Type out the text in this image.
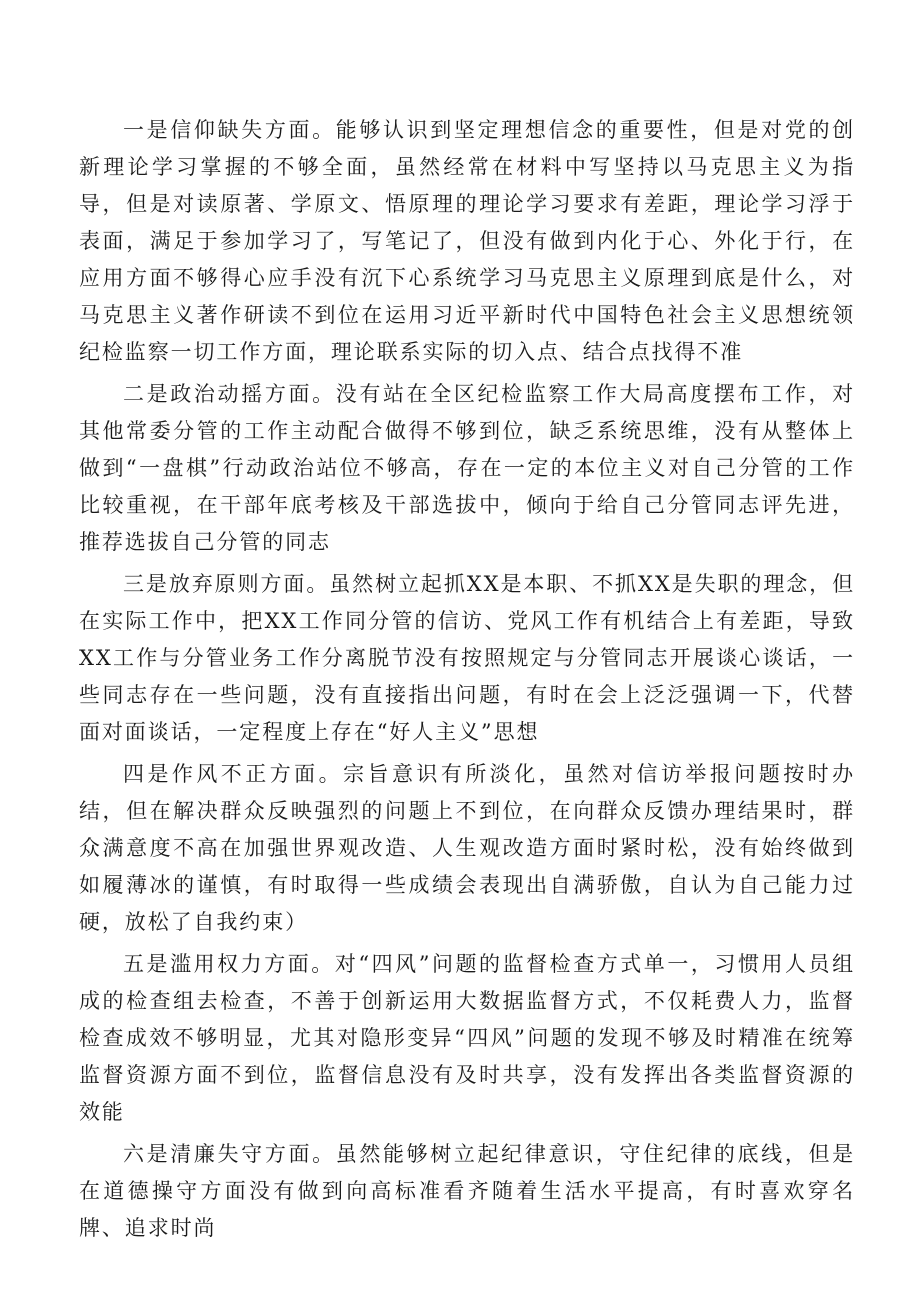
一是信仰缺失方面。能够认识到坚定理想信念的重要性，但是对党的创新理论学习掌握的不够全面，虽然经常在材料中写坚持以马克思主义为指导，但是对读原著、学原文、悟原理的理论学习要求有差距，理论学习浮于表面，满足于参加学习了，写笔记了，但没有做到内化于心、外化于行，在应用方面不够得心应手没有沉下心系统学习马克思主义原理到底是什么，对马克思主义著作研读不到位在运用习近平新时代中国特色社会主义思想统领纪检监察一切工作方面，理论联系实际的切入点、结合点找得不准

二是政治动摇方面。没有站在全区纪检监察工作大局高度摆布工作，对其他常委分管的工作主动配合做得不够到位，缺乏系统思维，没有从整体上做到“一盘棋”行动政治站位不够高，存在一定的本位主义对自己分管的工作比较重视，在干部年底考核及干部选拔中，倾向于给自己分管同志评先进，推荐选拔自己分管的同志

三是放弃原则方面。虽然树立起抓XX是本职、不抓XX是失职的理念，但在实际工作中，把XX工作同分管的信访、党风工作有机结合上有差距，导致XX工作与分管业务工作分离脱节没有按照规定与分管同志开展谈心谈话，一些同志存在一些问题，没有直接指出问题，有时在会上泛泛强调一下，代替面对面谈话，一定程度上存在“好人主义”思想

四是作风不正方面。宗旨意识有所淡化，虽然对信访举报问题按时办结，但在解决群众反映强烈的问题上不到位，在向群众反馈办理结果时，群众满意度不高在加强世界观改造、人生观改造方面时紧时松，没有始终做到如履薄冰的谨慎，有时取得一些成绩会表现出自满骄傲，自认为自己能力过硬，放松了自我约束）

五是滥用权力方面。对“四风”问题的监督检查方式单一，习惯用人员组成的检查组去检查，不善于创新运用大数据监督方式，不仅耗费人力，监督检查成效不够明显，尤其对隐形变异“四风”问题的发现不够及时精准在统筹监督资源方面不到位，监督信息没有及时共享，没有发挥出各类监督资源的效能

六是清廉失守方面。虽然能够树立起纪律意识，守住纪律的底线，但是在道德操守方面没有做到向高标准看齐随着生活水平提高，有时喜欢穿名牌、追求时尚
